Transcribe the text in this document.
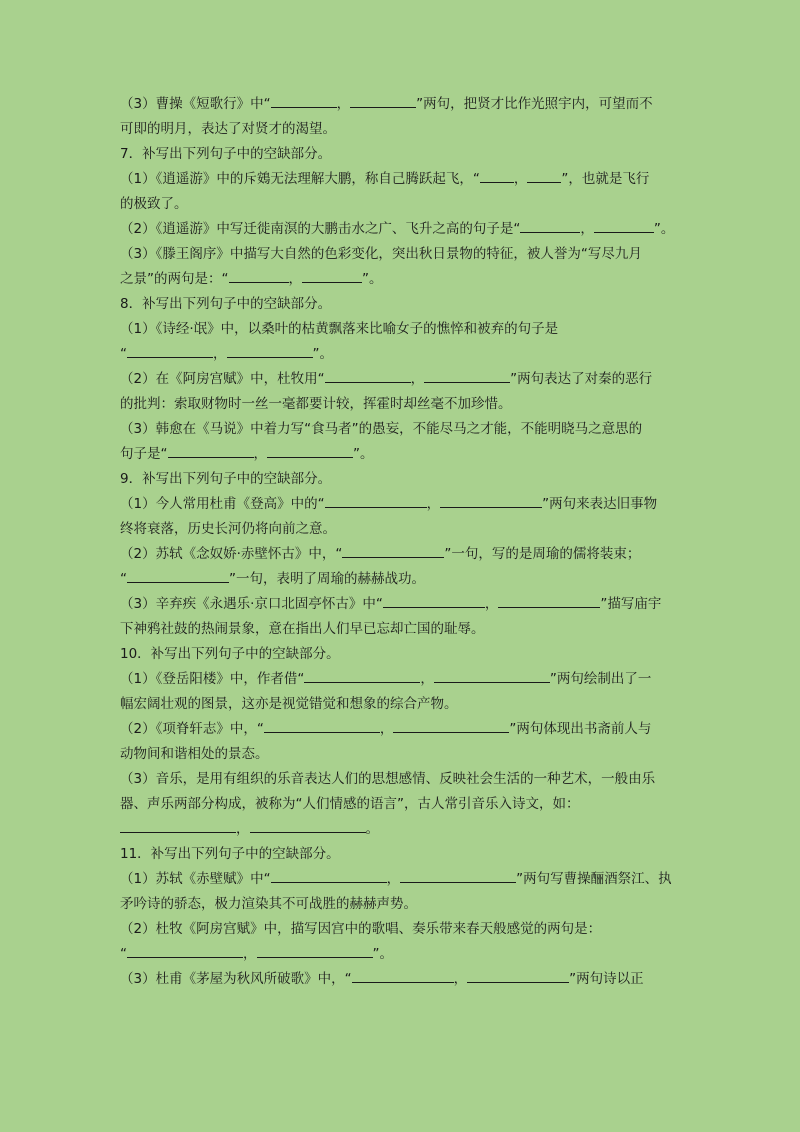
（3）曹操《短歌行》中“	，	”两句，把贤才比作光照宇内，可望而不
可即的明月，表达了对贤才的渴望。
7．补写出下列句子中的空缺部分。
（1）《逍遥游》中的斥鴳无法理解大鹏，称自己腾跃起飞，“	，	”，也就是飞行
的极致了。
（2）《逍遥游》中写迁徙南溟的大鹏击水之广、飞升之高的句子是“	，	”。
（3）《滕王阁序》中描写大自然的色彩变化，突出秋日景物的特征，被人誉为“写尽九月
之景”的两句是：“	，	”。
8．补写出下列句子中的空缺部分。
（1）《诗经·氓》中，以桑叶的枯黄飘落来比喻女子的憔悴和被弃的句子是
“	，	”。
（2）在《阿房宫赋》中，杜牧用“	，	”两句表达了对秦的恶行
的批判：索取财物时一丝一毫都要计较，挥霍时却丝毫不加珍惜。
（3）韩愈在《马说》中着力写“食马者”的愚妄，不能尽马之才能，不能明晓马之意思的
句子是“	，	”。
9．补写出下列句子中的空缺部分。
（1）今人常用杜甫《登高》中的“	，	”两句来表达旧事物
终将衰落，历史长河仍将向前之意。
（2）苏轼《念奴娇·赤壁怀古》中，“	”一句，写的是周瑜的儒将装束；
“	”一句，表明了周瑜的赫赫战功。
（3）辛弃疾《永遇乐·京口北固亭怀古》中“	，	”描写庙宇
下神鸦社鼓的热闹景象，意在指出人们早已忘却亡国的耻辱。
10．补写出下列句子中的空缺部分。
（1）《登岳阳楼》中，作者借“	，	”两句绘制出了一
幅宏阔壮观的图景，这亦是视觉错觉和想象的综合产物。
（2）《项脊轩志》中，“	，	”两句体现出书斋前人与
动物间和谐相处的景态。
（3）音乐，是用有组织的乐音表达人们的思想感情、反映社会生活的一种艺术，一般由乐
器、声乐两部分构成，被称为“人们情感的语言”，古人常引音乐入诗文，如：
，	。
11．补写出下列句子中的空缺部分。
（1）苏轼《赤壁赋》中“	，	”两句写曹操酾酒祭江、执
矛吟诗的骄态，极力渲染其不可战胜的赫赫声势。
（2）杜牧《阿房宫赋》中，描写因宫中的歌唱、奏乐带来春天般感觉的两句是：
“	，	”。
（3）杜甫《茅屋为秋风所破歌》中，“	，	”两句诗以正
